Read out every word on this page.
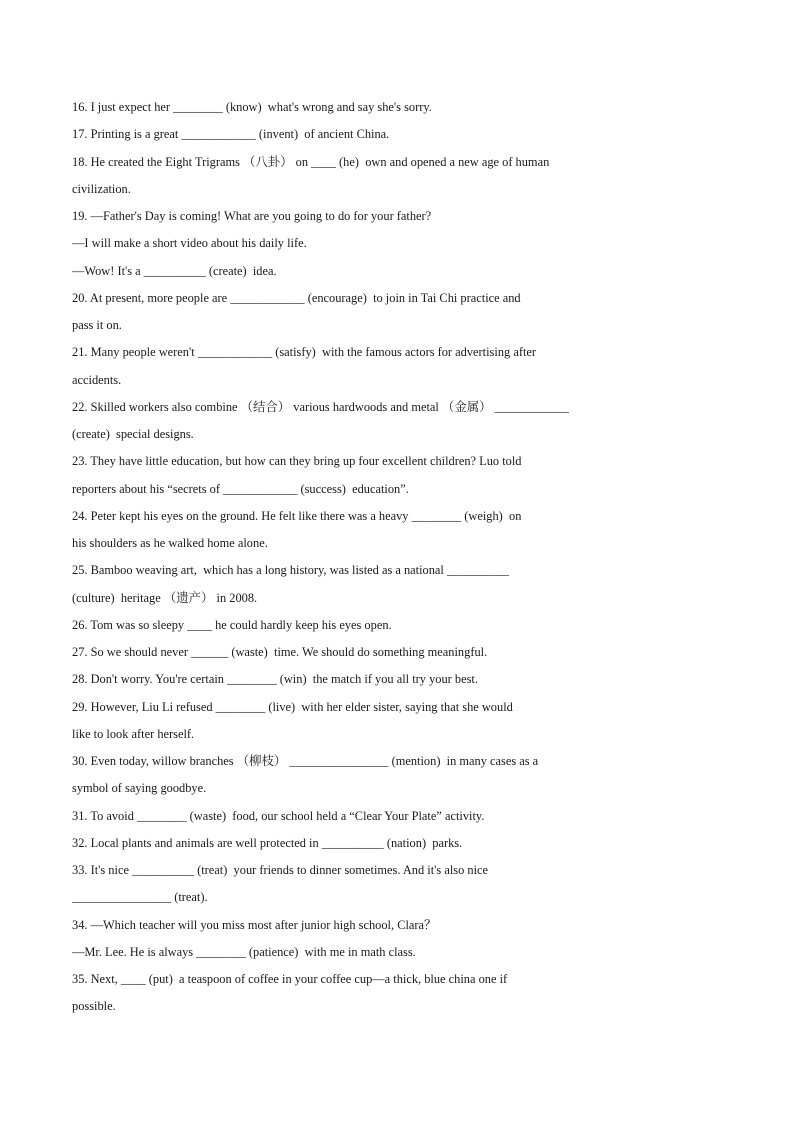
16. I just expect her ________ (know)  what's wrong and say she's sorry.
17. Printing is a great ____________ (invent)  of ancient China.
18. He created the Eight Trigrams （八卦） on ____ (he)  own and opened a new age of human
civilization.
19. —Father's Day is coming! What are you going to do for your father?
—I will make a short video about his daily life.
—Wow! It's a __________ (create)  idea.
20. At present, more people are ____________ (encourage)  to join in Tai Chi practice and
pass it on.
21. Many people weren't ____________ (satisfy)  with the famous actors for advertising after
accidents.
22. Skilled workers also combine （结合） various hardwoods and metal （金属） ____________
(create)  special designs.
23. They have little education, but how can they bring up four excellent children? Luo told
reporters about his “secrets of ____________ (success)  education”.
24. Peter kept his eyes on the ground. He felt like there was a heavy ________ (weigh)  on
his shoulders as he walked home alone.
25. Bamboo weaving art,  which has a long history, was listed as a national __________
(culture)  heritage （遗产） in 2008.
26. Tom was so sleepy ____ he could hardly keep his eyes open.
27. So we should never ______ (waste)  time. We should do something meaningful.
28. Don't worry. You're certain ________ (win)  the match if you all try your best.
29. However, Liu Li refused ________ (live)  with her elder sister, saying that she would
like to look after herself.
30. Even today, willow branches （柳枝） ________________ (mention)  in many cases as a
symbol of saying goodbye.
31. To avoid ________ (waste)  food, our school held a “Clear Your Plate” activity.
32. Local plants and animals are well protected in __________ (nation)  parks.
33. It's nice __________ (treat)  your friends to dinner sometimes. And it's also nice
________________ (treat).
34. —Which teacher will you miss most after junior high school, Clara？
—Mr. Lee. He is always ________ (patience)  with me in math class.
35. Next, ____ (put)  a teaspoon of coffee in your coffee cup—a thick, blue china one if
possible.
